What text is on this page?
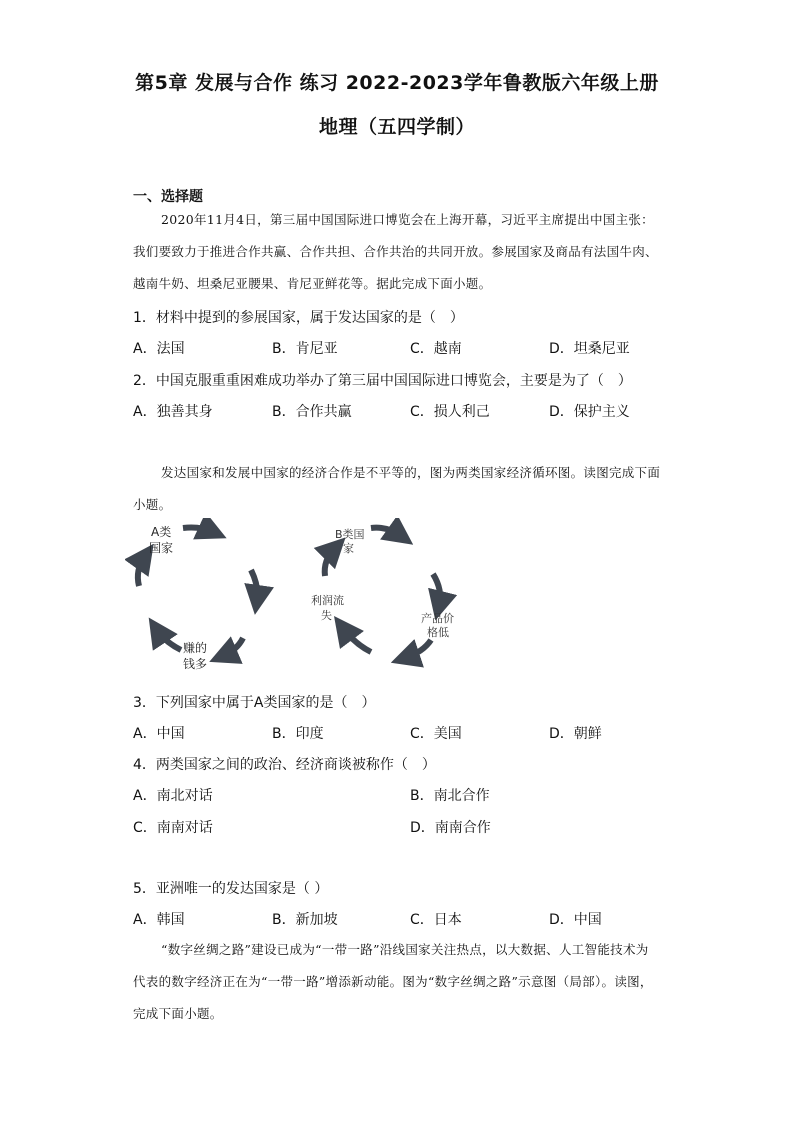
第5章 发展与合作 练习 2022-2023学年鲁教版六年级上册
地理（五四学制）
一、选择题
2020年11月4日，第三届中国国际进口博览会在上海开幕，习近平主席提出中国主张：我们要致力于推进合作共赢、合作共担、合作共治的共同开放。参展国家及商品有法国牛肉、越南牛奶、坦桑尼亚腰果、肯尼亚鲜花等。据此完成下面小题。
1．材料中提到的参展国家，属于发达国家的是（　）
A．法国	B．肯尼亚	C．越南	D．坦桑尼亚
2．中国克服重重困难成功举办了第三届中国国际进口博览会，主要是为了（　）
A．独善其身	B．合作共赢	C．损人利己	D．保护主义
发达国家和发展中国家的经济合作是不平等的，图为两类国家经济循环图。读图完成下面小题。
A类
国家
赚的
钱多
B类国
家
利润流
失	产品价
格低
3．下列国家中属于A类国家的是（　）
A．中国	B．印度	C．美国	D．朝鲜
4．两类国家之间的政治、经济商谈被称作（　）
A．南北对话	B．南北合作
C．南南对话	D．南南合作
5．亚洲唯一的发达国家是（ ）
A．韩国	B．新加坡	C．日本	D．中国
“数字丝绸之路”建设已成为“一带一路”沿线国家关注热点，以大数据、人工智能技术为代表的数字经济正在为“一带一路”增添新动能。图为“数字丝绸之路”示意图（局部）。读图，完成下面小题。
